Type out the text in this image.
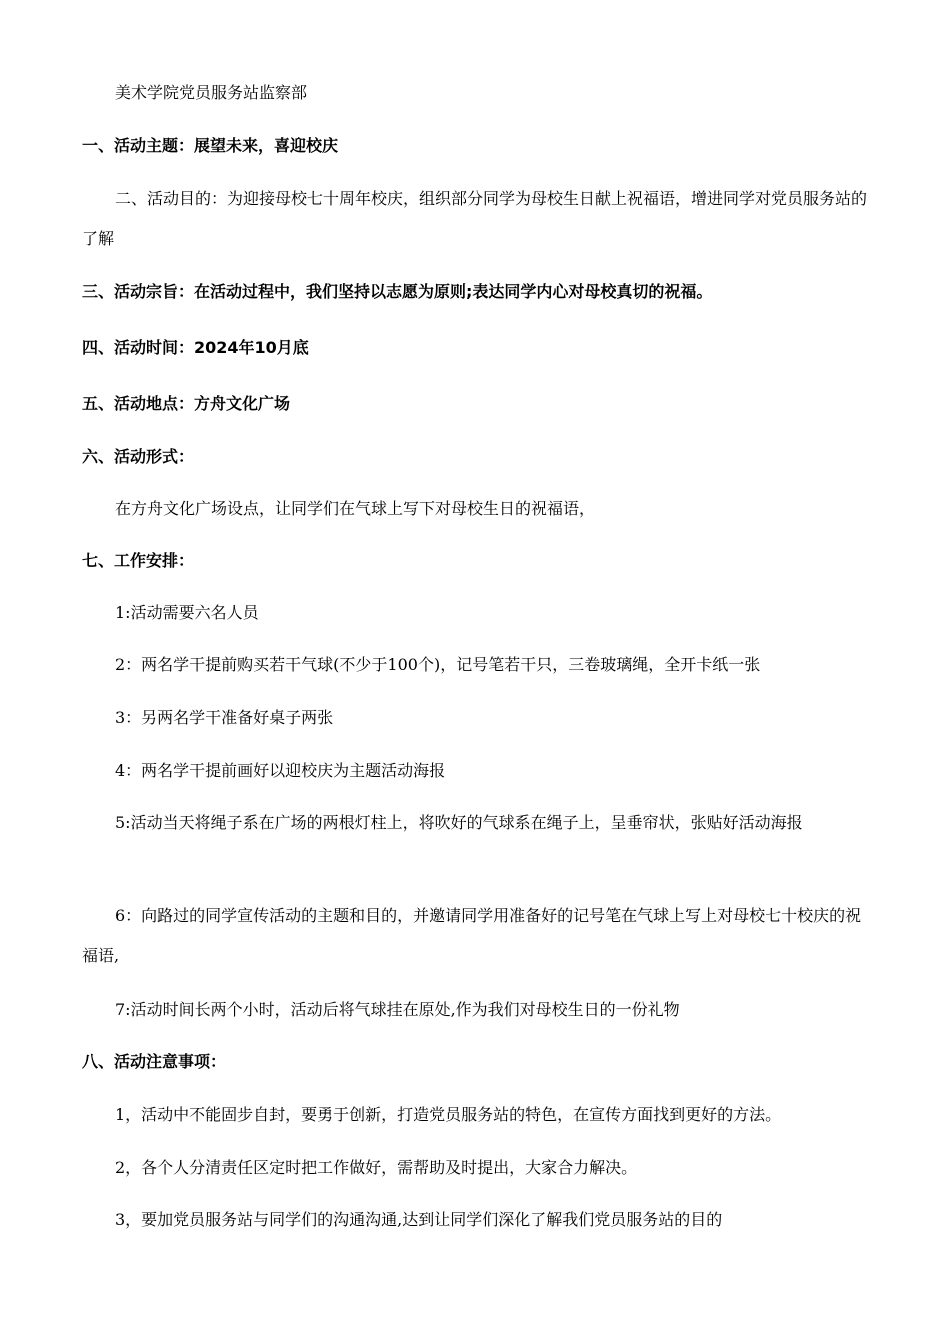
美术学院党员服务站监察部
一、活动主题：展望未来，喜迎校庆
二、活动目的：为迎接母校七十周年校庆，组织部分同学为母校生日献上祝福语，增进同学对党员服务站的了解
三、活动宗旨：在活动过程中，我们坚持以志愿为原则;表达同学内心对母校真切的祝福。
四、活动时间：2024年10月底
五、活动地点：方舟文化广场
六、活动形式：
在方舟文化广场设点，让同学们在气球上写下对母校生日的祝福语，
七、工作安排：
1:活动需要六名人员
2：两名学干提前购买若干气球(不少于100个)，记号笔若干只，三卷玻璃绳，全开卡纸一张
3：另两名学干准备好桌子两张
4：两名学干提前画好以迎校庆为主题活动海报
5:活动当天将绳子系在广场的两根灯柱上，将吹好的气球系在绳子上，呈垂帘状，张贴好活动海报
6：向路过的同学宣传活动的主题和目的，并邀请同学用准备好的记号笔在气球上写上对母校七十校庆的祝福语,
7:活动时间长两个小时，活动后将气球挂在原处,作为我们对母校生日的一份礼物
八、活动注意事项：
1，活动中不能固步自封，要勇于创新，打造党员服务站的特色，在宣传方面找到更好的方法。
2，各个人分清责任区定时把工作做好，需帮助及时提出，大家合力解决。
3，要加党员服务站与同学们的沟通沟通,达到让同学们深化了解我们党员服务站的目的
